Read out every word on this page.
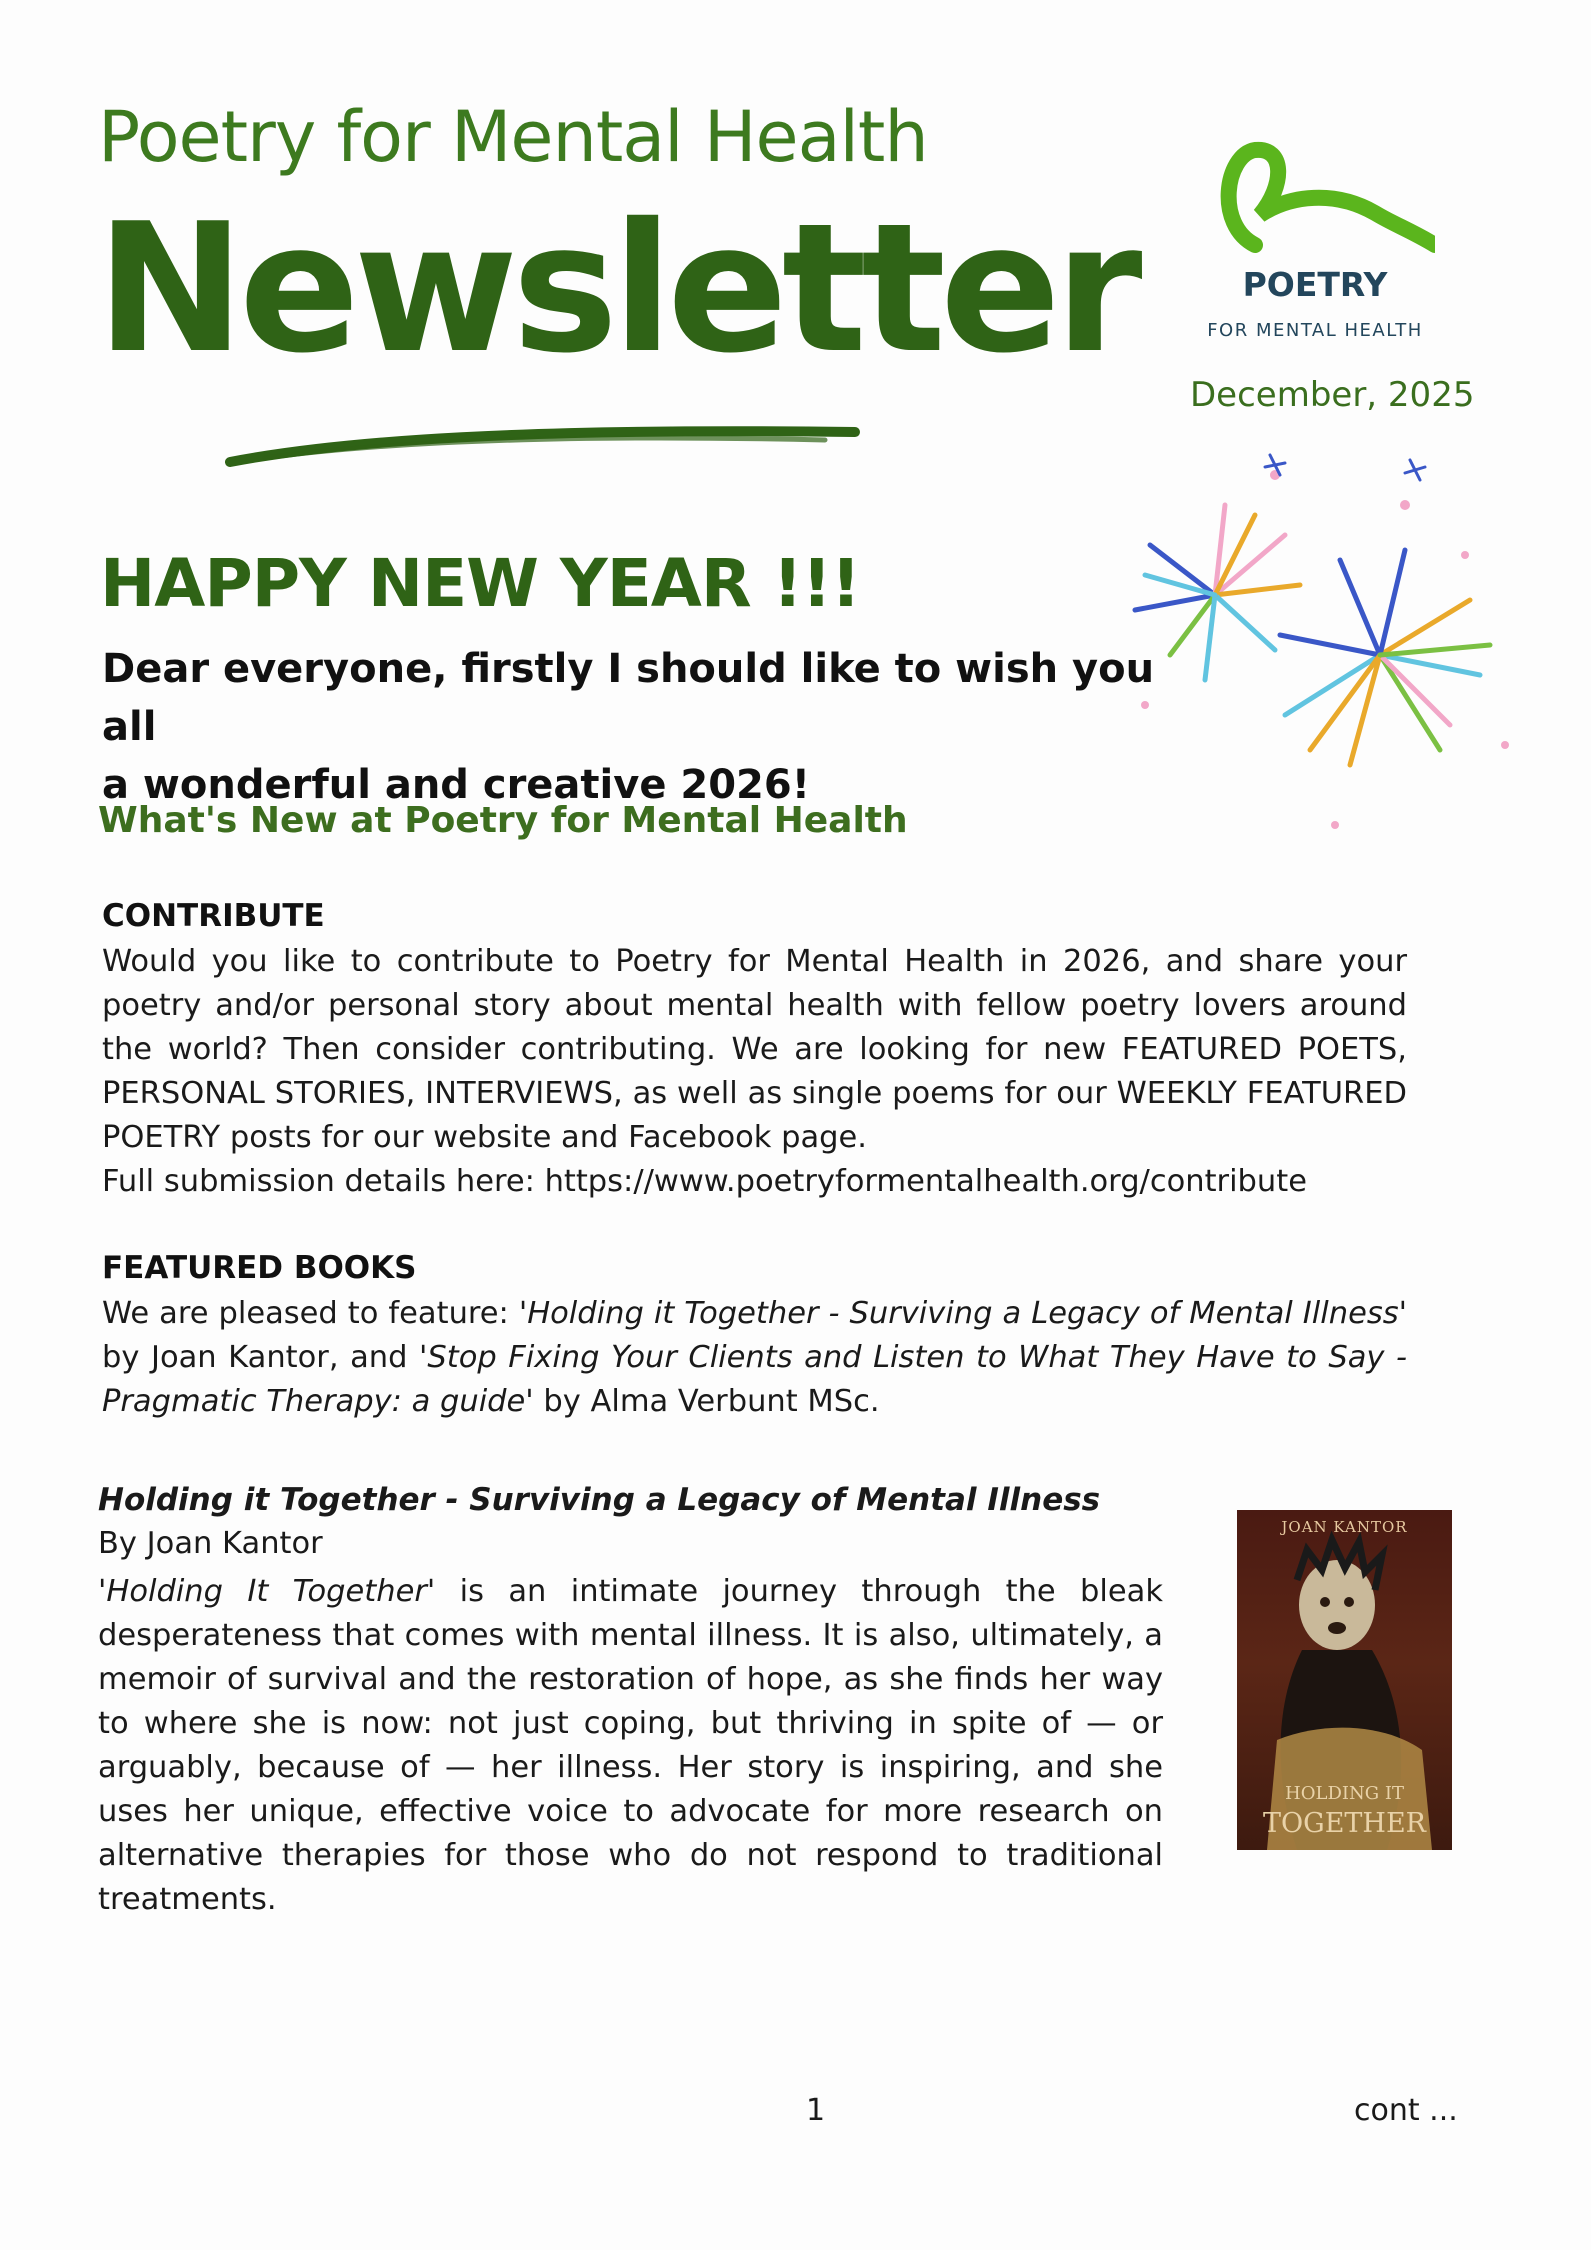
Poetry for Mental Health
Newsletter	POETRY
FOR MENTAL HEALTH
December, 2025
HAPPY NEW YEAR !!!
Dear everyone, firstly I should like to wish you all
a wonderful and creative 2026!
What's New at Poetry for Mental Health
CONTRIBUTE

Would you like to contribute to Poetry for Mental Health in 2026, and share your poetry and/or personal story about mental health with fellow poetry lovers around the world? Then consider contributing. We are looking for new FEATURED POETS, PERSONAL STORIES, INTERVIEWS, as well as single poems for our WEEKLY FEATURED POETRY posts for our website and Facebook page.

Full submission details here: https://www.poetryformentalhealth.org/contribute

FEATURED BOOKS

We are pleased to feature: 'Holding it Together - Surviving a Legacy of Mental Illness' by Joan Kantor, and 'Stop Fixing Your Clients and Listen to What They Have to Say - Pragmatic Therapy: a guide' by Alma Verbunt MSc.

Holding it Together - Surviving a Legacy of Mental Illness
By Joan Kantor

'Holding It Together' is an intimate journey through the bleak desperateness that comes with mental illness. It is also, ultimately, a memoir of survival and the restoration of hope, as she finds her way to where she is now: not just coping, but thriving in spite of — or arguably, because of — her illness. Her story is inspiring, and she uses her unique, effective voice to advocate for more research on alternative therapies for those who do not respond to traditional treatments.

JOAN KANTOR
HOLDING IT
TOGETHER
1	cont ...
